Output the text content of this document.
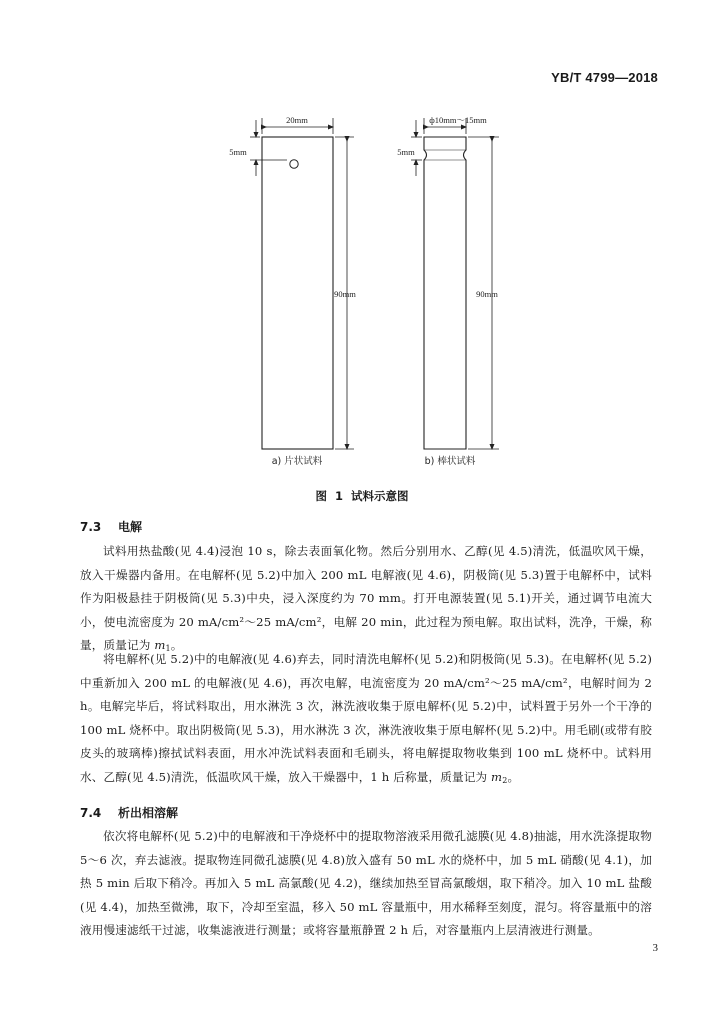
YB/T 4799—2018
20mm
5mm
90mm
a) 片状试料
ф10mm～15mm
5mm
90mm
b) 棒状试料
图 1 试料示意图
7.3 电解
试料用热盐酸(见 4.4)浸泡 10 s，除去表面氧化物。然后分别用水、乙醇(见 4.5)清洗，低温吹风干燥，放入干燥器内备用。在电解杯(见 5.2)中加入 200 mL 电解液(见 4.6)，阴极筒(见 5.3)置于电解杯中，试料作为阳极悬挂于阴极筒(见 5.3)中央，浸入深度约为 70 mm。打开电源装置(见 5.1)开关，通过调节电流大小，使电流密度为 20 mA/cm²～25 mA/cm²，电解 20 min，此过程为预电解。取出试料，洗净，干燥，称量，质量记为 $m_1$。
将电解杯(见 5.2)中的电解液(见 4.6)弃去，同时清洗电解杯(见 5.2)和阴极筒(见 5.3)。在电解杯(见 5.2)中重新加入 200 mL 的电解液(见 4.6)，再次电解，电流密度为 20 mA/cm²～25 mA/cm²，电解时间为 2 h。电解完毕后，将试料取出，用水淋洗 3 次，淋洗液收集于原电解杯(见 5.2)中，试料置于另外一个干净的 100 mL 烧杯中。取出阴极筒(见 5.3)，用水淋洗 3 次，淋洗液收集于原电解杯(见 5.2)中。用毛刷(或带有胶皮头的玻璃棒)擦拭试料表面，用水冲洗试料表面和毛刷头，将电解提取物收集到 100 mL 烧杯中。试料用水、乙醇(见 4.5)清洗，低温吹风干燥，放入干燥器中，1 h 后称量，质量记为 $m_2$。
7.4 析出相溶解
依次将电解杯(见 5.2)中的电解液和干净烧杯中的提取物溶液采用微孔滤膜(见 4.8)抽滤，用水洗涤提取物 5～6 次，弃去滤液。提取物连同微孔滤膜(见 4.8)放入盛有 50 mL 水的烧杯中，加 5 mL 硝酸(见 4.1)，加热 5 min 后取下稍冷。再加入 5 mL 高氯酸(见 4.2)，继续加热至冒高氯酸烟，取下稍冷。加入 10 mL 盐酸(见 4.4)，加热至微沸，取下，冷却至室温，移入 50 mL 容量瓶中，用水稀释至刻度，混匀。将容量瓶中的溶液用慢速滤纸干过滤，收集滤液进行测量；或将容量瓶静置 2 h 后，对容量瓶内上层清液进行测量。
3
